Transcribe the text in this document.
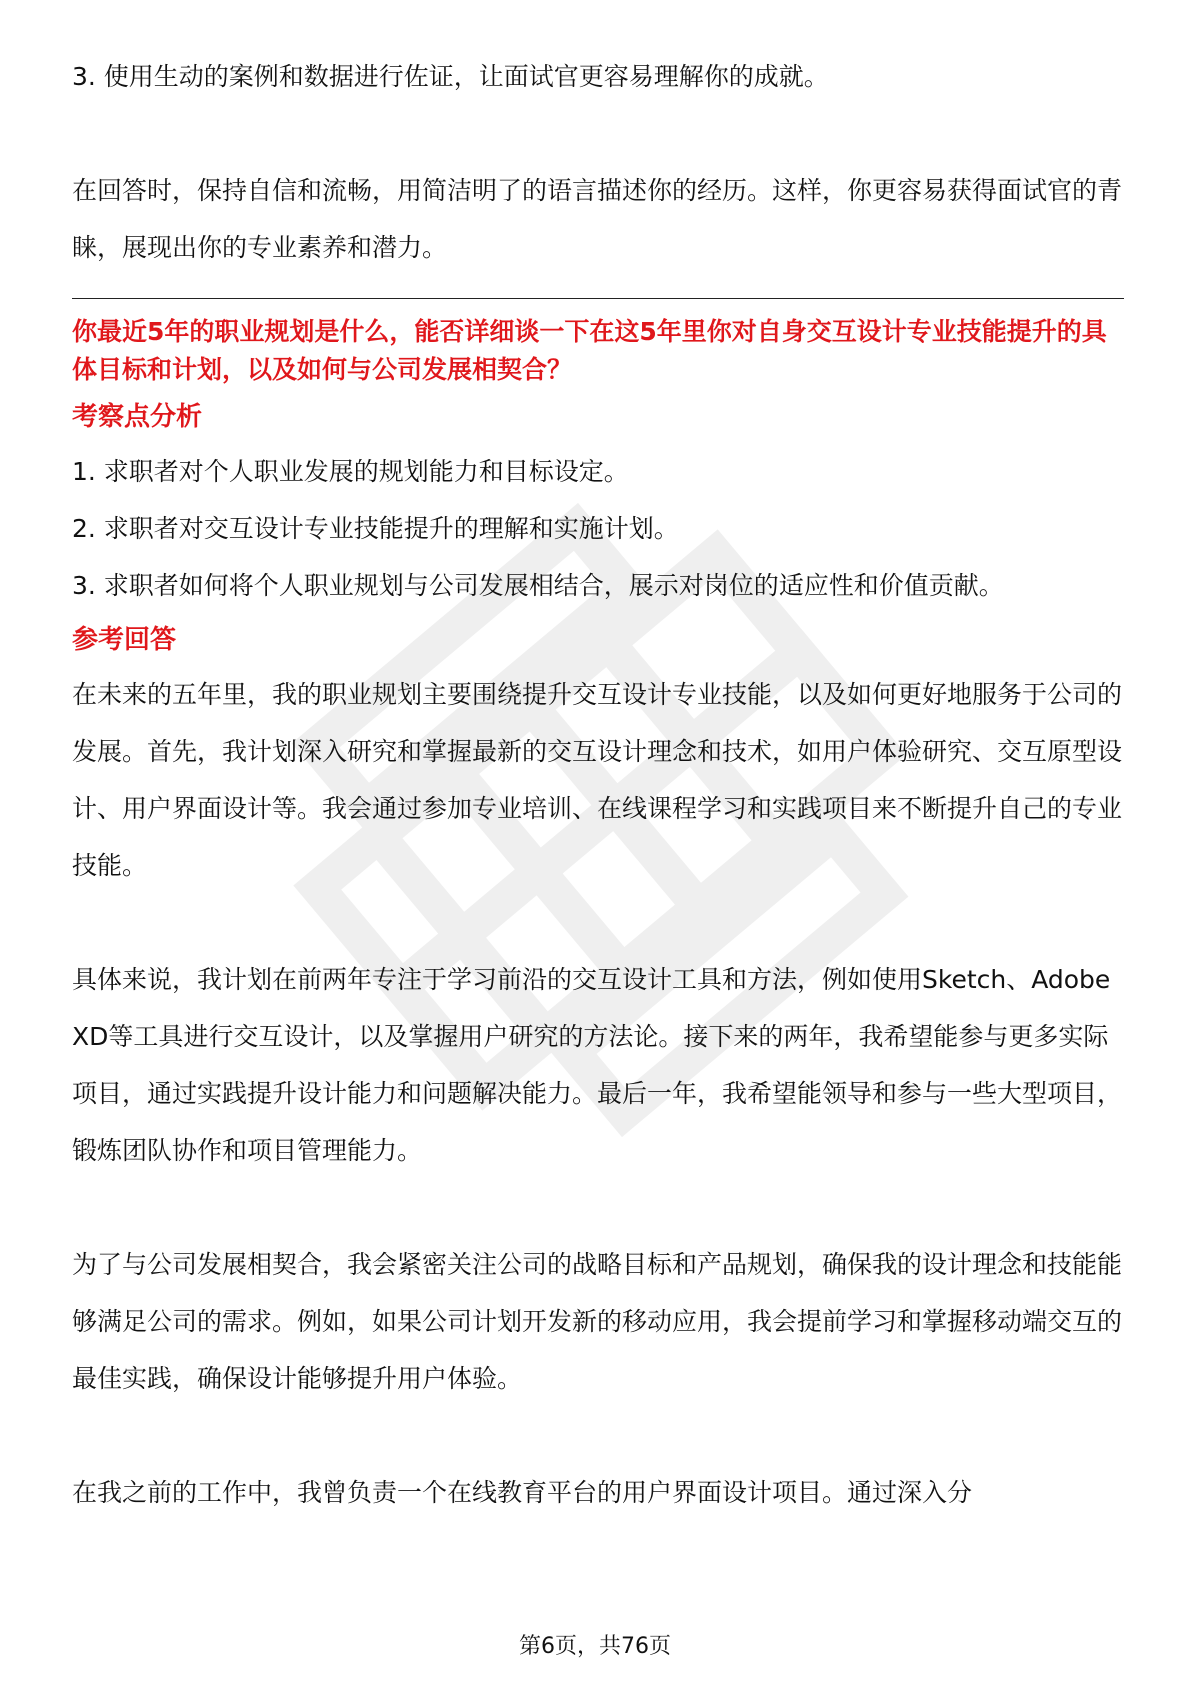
3. 使用生动的案例和数据进行佐证，让面试官更容易理解你的成就。

在回答时，保持自信和流畅，用简洁明了的语言描述你的经历。这样，你更容易获得面试官的青睐，展现出你的专业素养和潜力。

你最近5年的职业规划是什么，能否详细谈一下在这5年里你对自身交互设计专业技能提升的具体目标和计划，以及如何与公司发展相契合？

考察点分析

1. 求职者对个人职业发展的规划能力和目标设定。

2. 求职者对交互设计专业技能提升的理解和实施计划。

3. 求职者如何将个人职业规划与公司发展相结合，展示对岗位的适应性和价值贡献。

参考回答

在未来的五年里，我的职业规划主要围绕提升交互设计专业技能，以及如何更好地服务于公司的发展。首先，我计划深入研究和掌握最新的交互设计理念和技术，如用户体验研究、交互原型设计、用户界面设计等。我会通过参加专业培训、在线课程学习和实践项目来不断提升自己的专业技能。

具体来说，我计划在前两年专注于学习前沿的交互设计工具和方法，例如使用Sketch、Adobe XD等工具进行交互设计，以及掌握用户研究的方法论。接下来的两年，我希望能参与更多实际项目，通过实践提升设计能力和问题解决能力。最后一年，我希望能领导和参与一些大型项目，锻炼团队协作和项目管理能力。

为了与公司发展相契合，我会紧密关注公司的战略目标和产品规划，确保我的设计理念和技能能够满足公司的需求。例如，如果公司计划开发新的移动应用，我会提前学习和掌握移动端交互的最佳实践，确保设计能够提升用户体验。

在我之前的工作中，我曾负责一个在线教育平台的用户界面设计项目。通过深入分

第6页，共76页
